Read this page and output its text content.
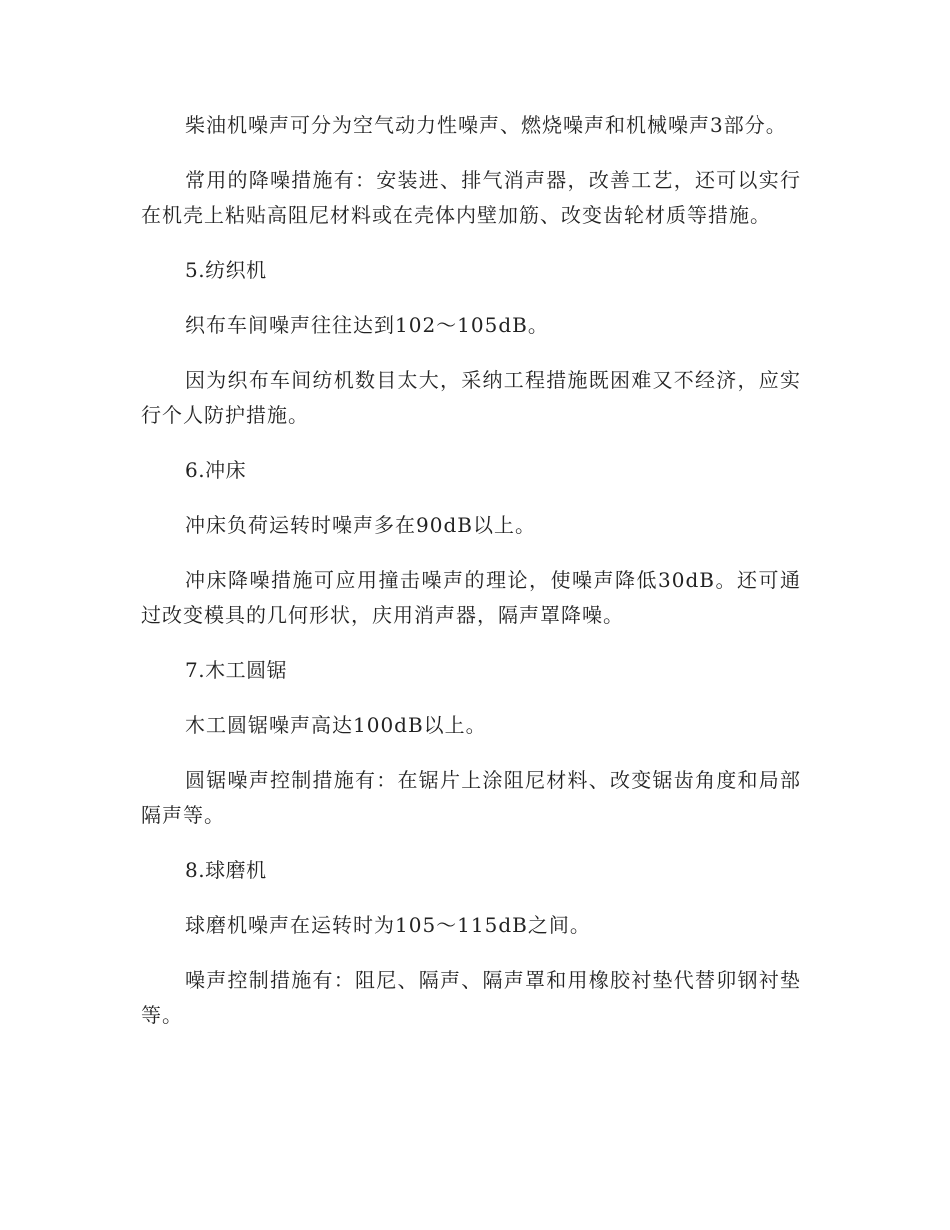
柴油机噪声可分为空气动力性噪声、燃烧噪声和机械噪声3部分。

常用的降噪措施有：安装进、排气消声器，改善工艺，还可以实行在机壳上粘贴高阻尼材料或在壳体内壁加筋、改变齿轮材质等措施。

5.纺织机

织布车间噪声往往达到102～105dB。

因为织布车间纺机数目太大，采纳工程措施既困难又不经济，应实行个人防护措施。

6.冲床

冲床负荷运转时噪声多在90dB以上。

冲床降噪措施可应用撞击噪声的理论，使噪声降低30dB。还可通过改变模具的几何形状，庆用消声器，隔声罩降噪。

7.木工圆锯

木工圆锯噪声高达100dB以上。

圆锯噪声控制措施有：在锯片上涂阻尼材料、改变锯齿角度和局部隔声等。

8.球磨机

球磨机噪声在运转时为105～115dB之间。

噪声控制措施有：阻尼、隔声、隔声罩和用橡胶衬垫代替卯钢衬垫等。
